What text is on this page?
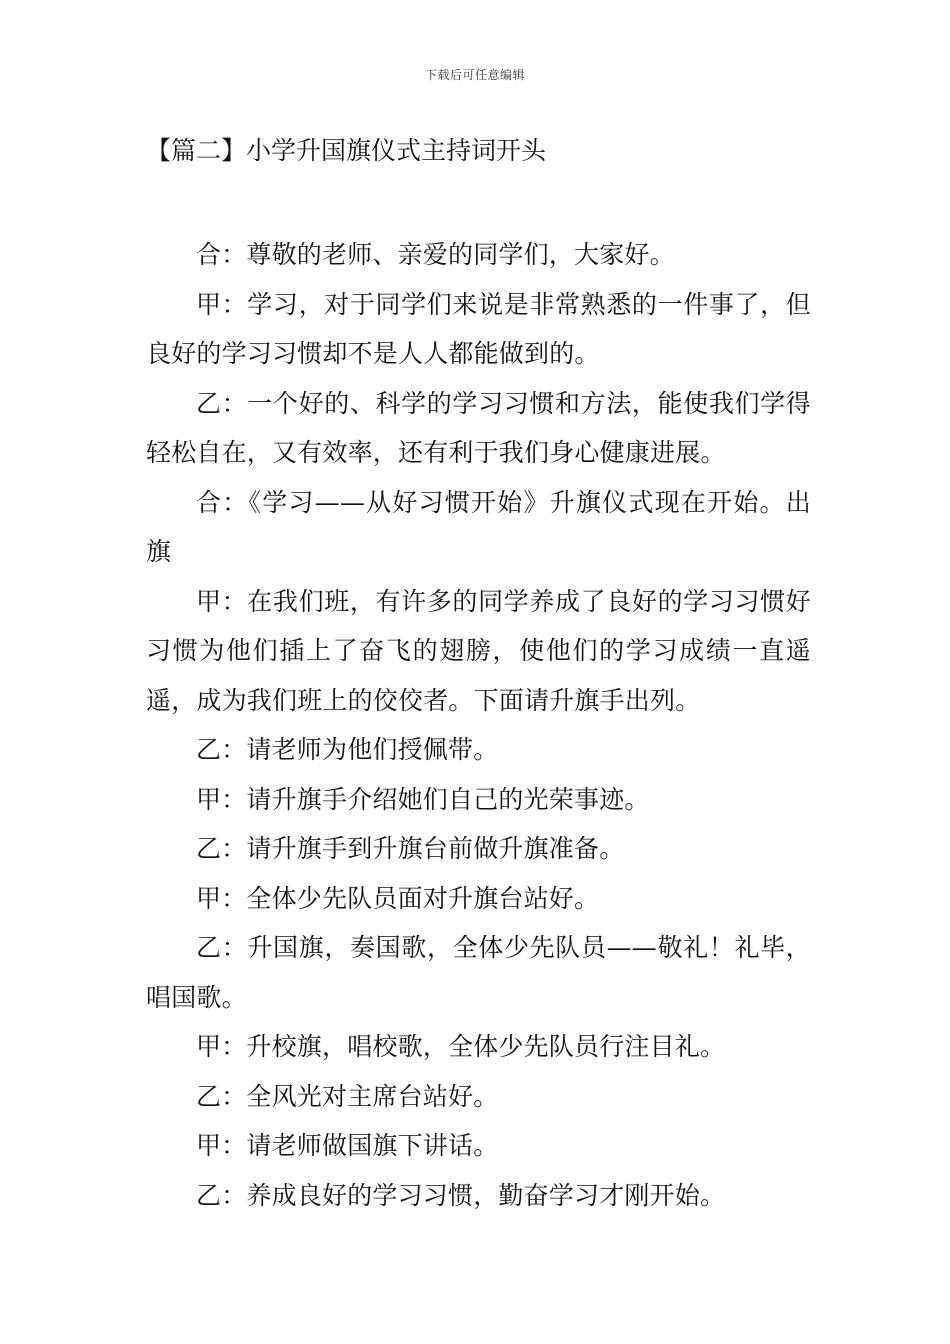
下载后可任意编辑
【篇二】小学升国旗仪式主持词开头

合：尊敬的老师、亲爱的同学们，大家好。

甲：学习，对于同学们来说是非常熟悉的一件事了，但良好的学习习惯却不是人人都能做到的。

乙：一个好的、科学的学习习惯和方法，能使我们学得轻松自在，又有效率，还有利于我们身心健康进展。

合：《学习——从好习惯开始》升旗仪式现在开始。出旗

甲：在我们班，有许多的同学养成了良好的学习习惯好习惯为他们插上了奋飞的翅膀，使他们的学习成绩一直遥遥，成为我们班上的佼佼者。下面请升旗手出列。

乙：请老师为他们授佩带。

甲：请升旗手介绍她们自己的光荣事迹。

乙：请升旗手到升旗台前做升旗准备。

甲：全体少先队员面对升旗台站好。

乙：升国旗，奏国歌，全体少先队员——敬礼！礼毕，唱国歌。

甲：升校旗，唱校歌，全体少先队员行注目礼。

乙：全风光对主席台站好。

甲：请老师做国旗下讲话。

乙：养成良好的学习习惯，勤奋学习才刚开始。
